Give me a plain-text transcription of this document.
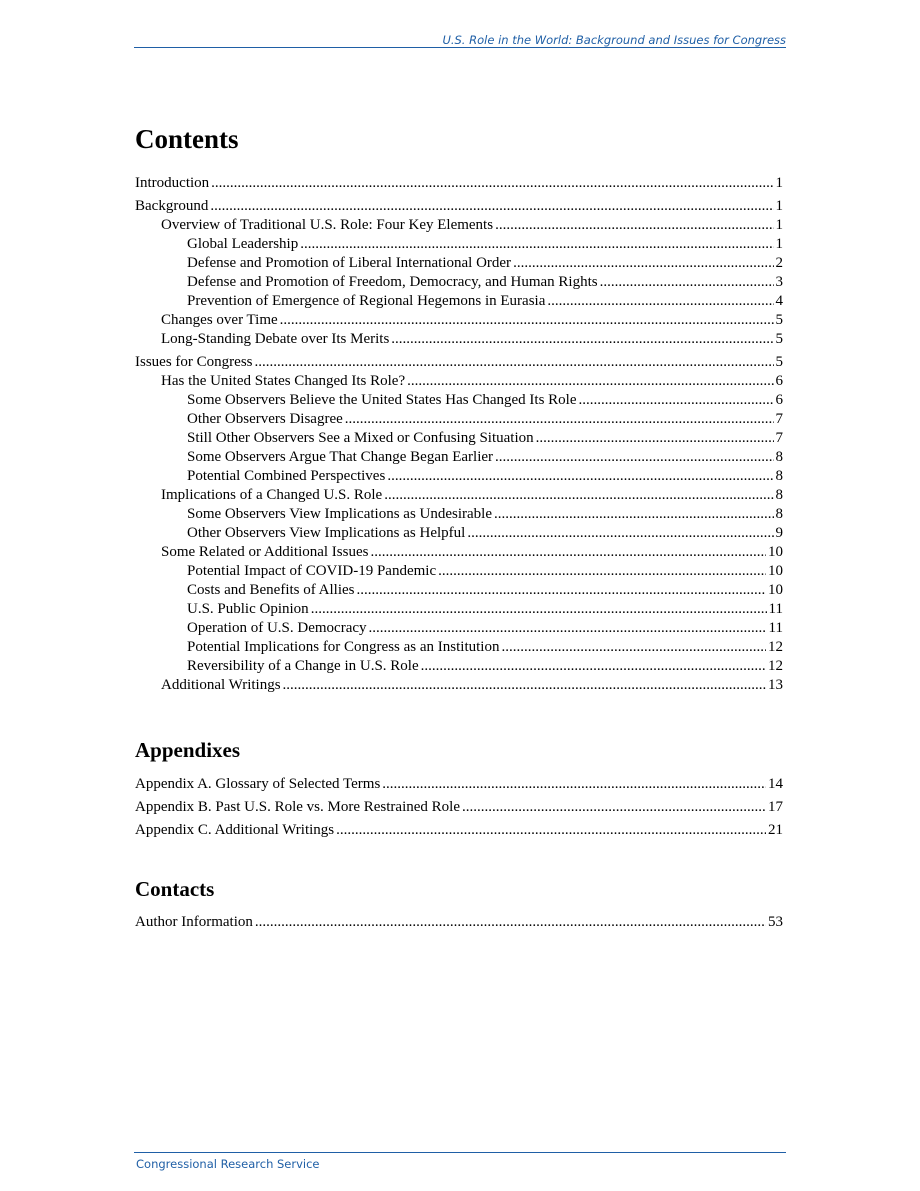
U.S. Role in the World: Background and Issues for Congress
Contents
Introduction .....	1
Background .....	1
Overview of Traditional U.S. Role: Four Key Elements .....	1
Global Leadership .....	1
Defense and Promotion of Liberal International Order .....	2
Defense and Promotion of Freedom, Democracy, and Human Rights .....	3
Prevention of Emergence of Regional Hegemons in Eurasia .....	4
Changes over Time .....	5
Long-Standing Debate over Its Merits .....	5
Issues for Congress .....	5
Has the United States Changed Its Role? .....	6
Some Observers Believe the United States Has Changed Its Role .....	6
Other Observers Disagree .....	7
Still Other Observers See a Mixed or Confusing Situation .....	7
Some Observers Argue That Change Began Earlier .....	8
Potential Combined Perspectives .....	8
Implications of a Changed U.S. Role .....	8
Some Observers View Implications as Undesirable .....	8
Other Observers View Implications as Helpful .....	9
Some Related or Additional Issues .....	10
Potential Impact of COVID-19 Pandemic .....	10
Costs and Benefits of Allies .....	10
U.S. Public Opinion .....	11
Operation of U.S. Democracy .....	11
Potential Implications for Congress as an Institution .....	12
Reversibility of a Change in U.S. Role .....	12
Additional Writings .....	13
Appendixes
Appendix A. Glossary of Selected Terms .....	14
Appendix B. Past U.S. Role vs. More Restrained Role .....	17
Appendix C. Additional Writings .....	21
Contacts
Author Information .....	53
Congressional Research Service
